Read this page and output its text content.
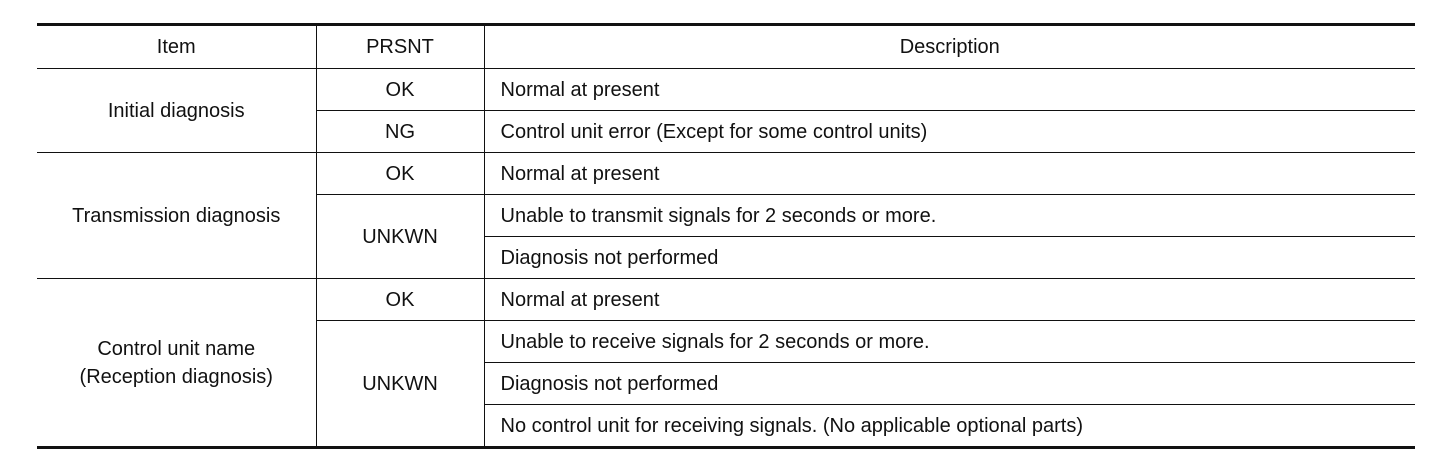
Item	PRSNT	Description

Initial diagnosis	OK	Normal at present
	NG	Control unit error (Except for some control units)

Transmission diagnosis	OK	Normal at present
	UNKWN	Unable to transmit signals for 2 seconds or more.
		Diagnosis not performed

Control unit name
(Reception diagnosis)	OK	Normal at present
	UNKWN	Unable to receive signals for 2 seconds or more.
		Diagnosis not performed
		No control unit for receiving signals. (No applicable optional parts)
